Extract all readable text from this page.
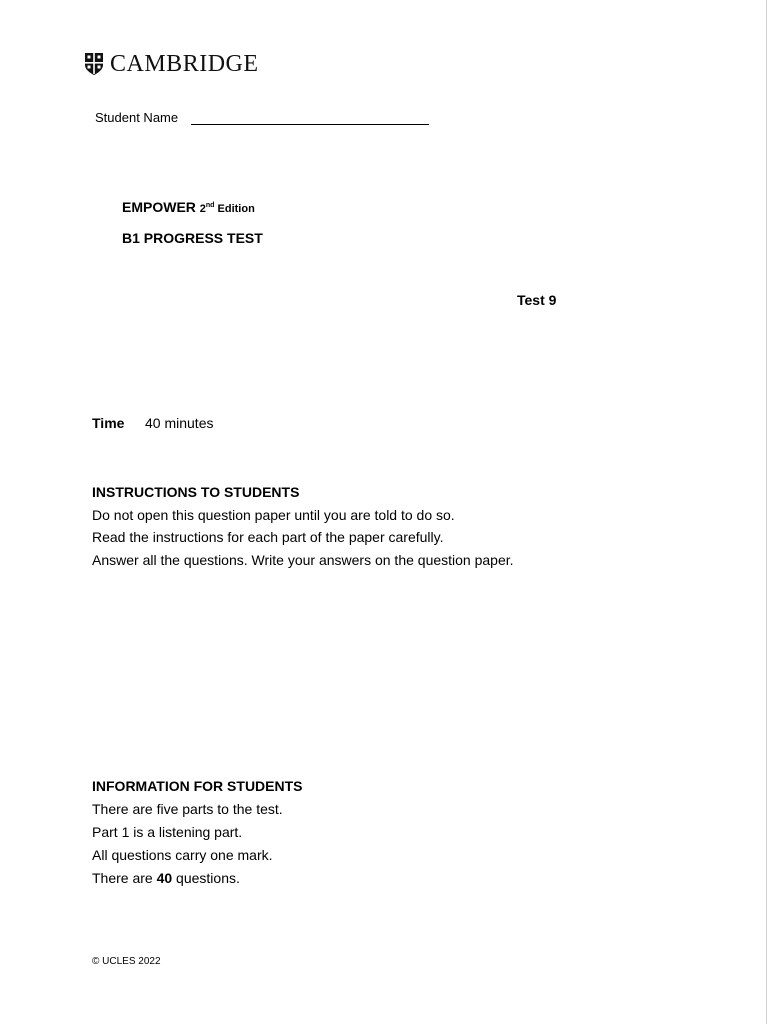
CAMBRIDGE
Student Name
EMPOWER 2nd Edition
B1 PROGRESS TEST
Test 9
Time 40 minutes
INSTRUCTIONS TO STUDENTS
Do not open this question paper until you are told to do so.
Read the instructions for each part of the paper carefully.
Answer all the questions. Write your answers on the question paper.
INFORMATION FOR STUDENTS
There are five parts to the test.
Part 1 is a listening part.
All questions carry one mark.
There are 40 questions.
© UCLES 2022
